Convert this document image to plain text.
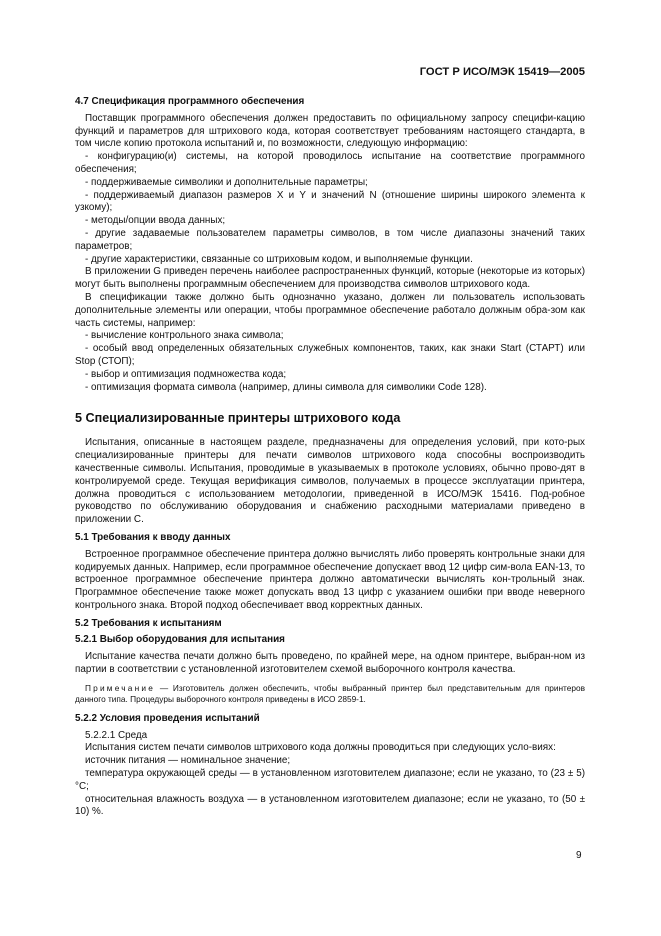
ГОСТ Р ИСО/МЭК 15419—2005

4.7 Спецификация программного обеспечения

Поставщик программного обеспечения должен предоставить по официальному запросу специфи-кацию функций и параметров для штрихового кода, которая соответствует требованиям настоящего стандарта, в том числе копию протокола испытаний и, по возможности, следующую информацию:

- конфигурацию(и) системы, на которой проводилось испытание на соответствие программного обеспечения;

- поддерживаемые символики и дополнительные параметры;

- поддерживаемый диапазон размеров X и Y и значений N (отношение ширины широкого элемента к узкому);

- методы/опции ввода данных;

- другие задаваемые пользователем параметры символов, в том числе диапазоны значений таких параметров;

- другие характеристики, связанные со штриховым кодом, и выполняемые функции.

В приложении G приведен перечень наиболее распространенных функций, которые (некоторые из которых) могут быть выполнены программным обеспечением для производства символов штрихового кода.

В спецификации также должно быть однозначно указано, должен ли пользователь использовать дополнительные элементы или операции, чтобы программное обеспечение работало должным обра-зом как часть системы, например:

- вычисление контрольного знака символа;

- особый ввод определенных обязательных служебных компонентов, таких, как знаки Start (СТАРТ) или Stop (СТОП);

- выбор и оптимизация подмножества кода;

- оптимизация формата символа (например, длины символа для символики Code 128).

5 Специализированные принтеры штрихового кода

Испытания, описанные в настоящем разделе, предназначены для определения условий, при кото-рых специализированные принтеры для печати символов штрихового кода способны воспроизводить качественные символы. Испытания, проводимые в указываемых в протоколе условиях, обычно прово-дят в контролируемой среде. Текущая верификация символов, получаемых в процессе эксплуатации принтера, должна проводиться с использованием методологии, приведенной в ИСО/МЭК 15416. Под-робное руководство по обслуживанию оборудования и снабжению расходными материалами приведено в приложении С.

5.1 Требования к вводу данных

Встроенное программное обеспечение принтера должно вычислять либо проверять контрольные знаки для кодируемых данных. Например, если программное обеспечение допускает ввод 12 цифр сим-вола EAN-13, то встроенное программное обеспечение принтера должно автоматически вычислять кон-трольный знак. Программное обеспечение также может допускать ввод 13 цифр с указанием ошибки при вводе неверного контрольного знака. Второй подход обеспечивает ввод корректных данных.

5.2 Требования к испытаниям

5.2.1 Выбор оборудования для испытания

Испытание качества печати должно быть проведено, по крайней мере, на одном принтере, выбран-ном из партии в соответствии с установленной изготовителем схемой выборочного контроля качества.

Примечание — Изготовитель должен обеспечить, чтобы выбранный принтер был представительным для принтеров данного типа. Процедуры выборочного контроля приведены в ИСО 2859-1.

5.2.2 Условия проведения испытаний

5.2.2.1 Среда

Испытания систем печати символов штрихового кода должны проводиться при следующих усло-виях:

источник питания — номинальное значение;

температура окружающей среды — в установленном изготовителем диапазоне; если не указано, то (23 ± 5) °С;

относительная влажность воздуха — в установленном изготовителем диапазоне; если не указано, то (50 ± 10) %.

9
